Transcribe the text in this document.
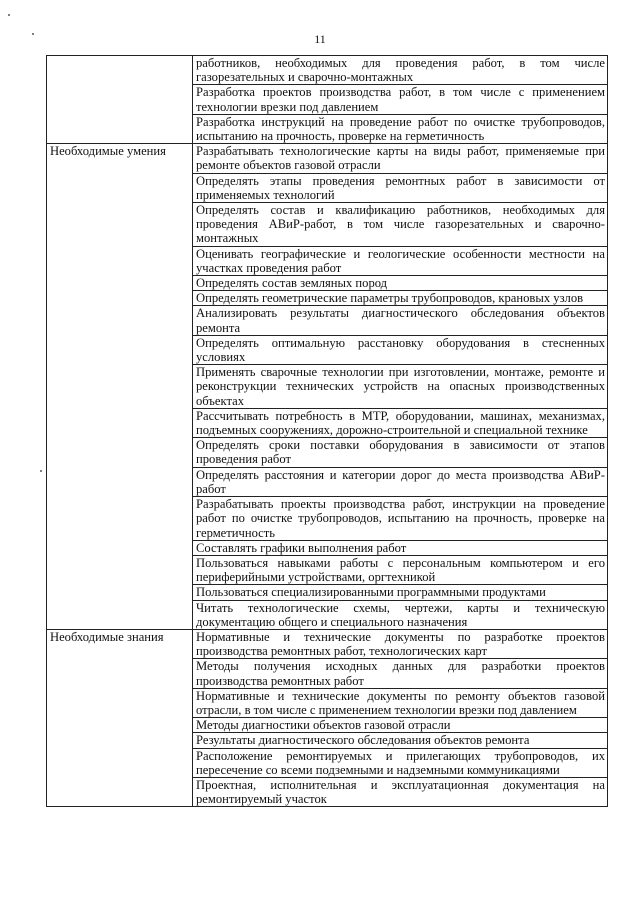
11
	работников, необходимых для проведения работ, в том числе газорезательных и сварочно-монтажных
	Разработка проектов производства работ, в том числе с применением технологии врезки под давлением
	Разработка инструкций на проведение работ по очистке трубопроводов, испытанию на прочность, проверке на герметичность
Необходимые умения	Разрабатывать технологические карты на виды работ, применяемые при ремонте объектов газовой отрасли
	Определять этапы проведения ремонтных работ в зависимости от применяемых технологий
	Определять состав и квалификацию работников, необходимых для проведения АВиР-работ, в том числе газорезательных и сварочно-монтажных
	Оценивать географические и геологические особенности местности на участках проведения работ
	Определять состав земляных пород
	Определять геометрические параметры трубопроводов, крановых узлов
	Анализировать результаты диагностического обследования объектов ремонта
	Определять оптимальную расстановку оборудования в стесненных условиях
	Применять сварочные технологии при изготовлении, монтаже, ремонте и реконструкции технических устройств на опасных производственных объектах
	Рассчитывать потребность в МТР, оборудовании, машинах, механизмах, подъемных сооружениях, дорожно-строительной и специальной технике
	Определять сроки поставки оборудования в зависимости от этапов проведения работ
	Определять расстояния и категории дорог до места производства АВиР-работ
	Разрабатывать проекты производства работ, инструкции на проведение работ по очистке трубопроводов, испытанию на прочность, проверке на герметичность
	Составлять графики выполнения работ
	Пользоваться навыками работы с персональным компьютером и его периферийными устройствами, оргтехникой
	Пользоваться специализированными программными продуктами
	Читать технологические схемы, чертежи, карты и техническую документацию общего и специального назначения
Необходимые знания	Нормативные и технические документы по разработке проектов производства ремонтных работ, технологических карт
	Методы получения исходных данных для разработки проектов производства ремонтных работ
	Нормативные и технические документы по ремонту объектов газовой отрасли, в том числе с применением технологии врезки под давлением
	Методы диагностики объектов газовой отрасли
	Результаты диагностического обследования объектов ремонта
	Расположение ремонтируемых и прилегающих трубопроводов, их пересечение со всеми подземными и надземными коммуникациями
	Проектная, исполнительная и эксплуатационная документация на ремонтируемый участок
